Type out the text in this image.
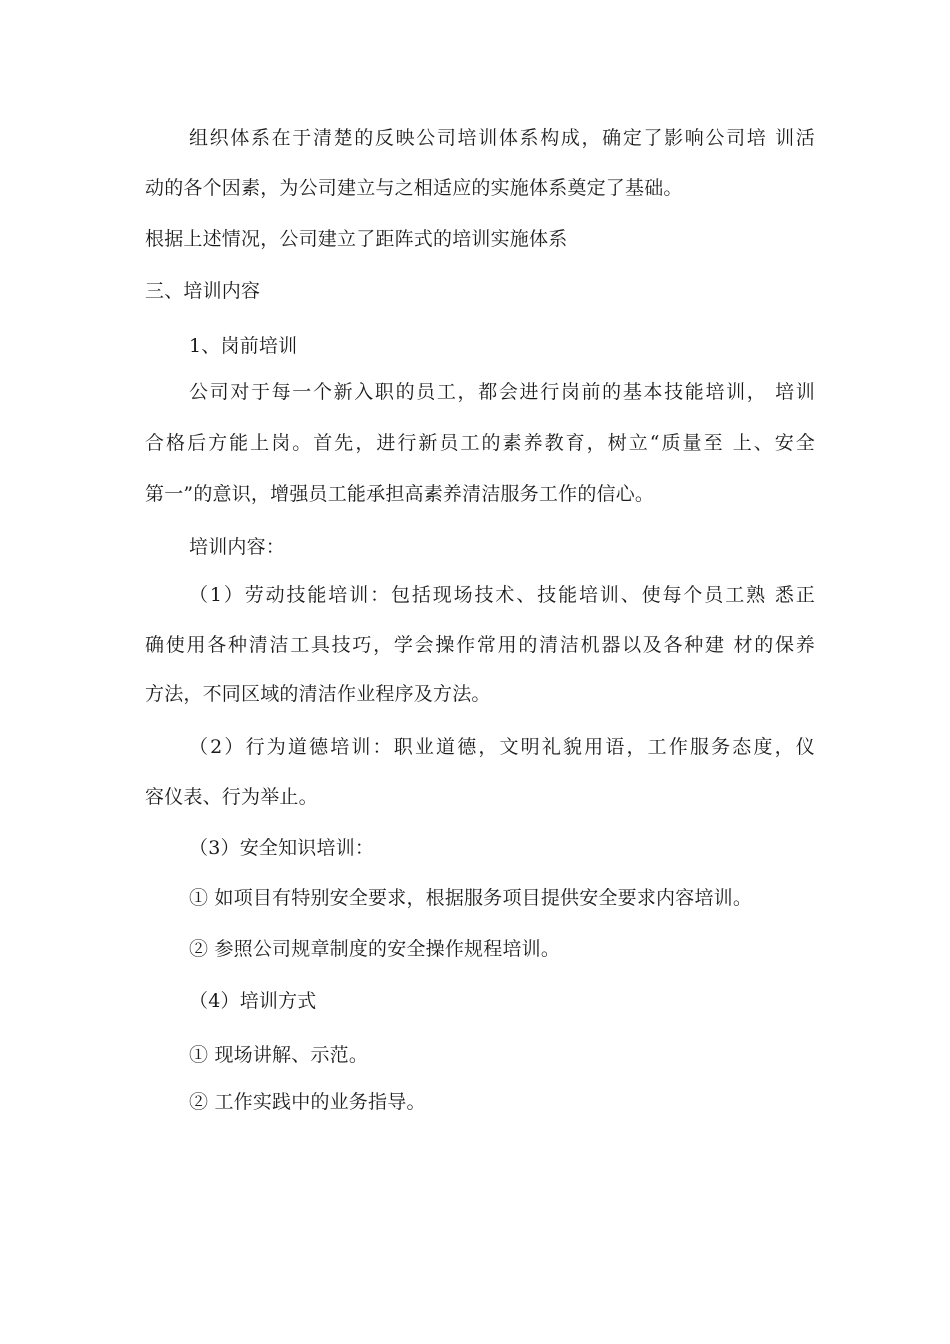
组织体系在于清楚的反映公司培训体系构成，确定了影响公司培 训活
动的各个因素，为公司建立与之相适应的实施体系奠定了基础。
根据上述情况，公司建立了距阵式的培训实施体系
三、培训内容
1、岗前培训
公司对于每一个新入职的员工，都会进行岗前的基本技能培训， 培训
合格后方能上岗。首先，进行新员工的素养教育，树立“质量至 上、安全
第一”的意识，增强员工能承担高素养清洁服务工作的信心。
培训内容：
（1）劳动技能培训：包括现场技术、技能培训、使每个员工熟 悉正
确使用各种清洁工具技巧，学会操作常用的清洁机器以及各种建 材的保养
方法，不同区域的清洁作业程序及方法。
（2）行为道德培训：职业道德，文明礼貌用语，工作服务态度，仪
容仪表、行为举止。
（3）安全知识培训：
① 如项目有特别安全要求，根据服务项目提供安全要求内容培训。
② 参照公司规章制度的安全操作规程培训。
（4）培训方式
① 现场讲解、示范。
② 工作实践中的业务指导。
